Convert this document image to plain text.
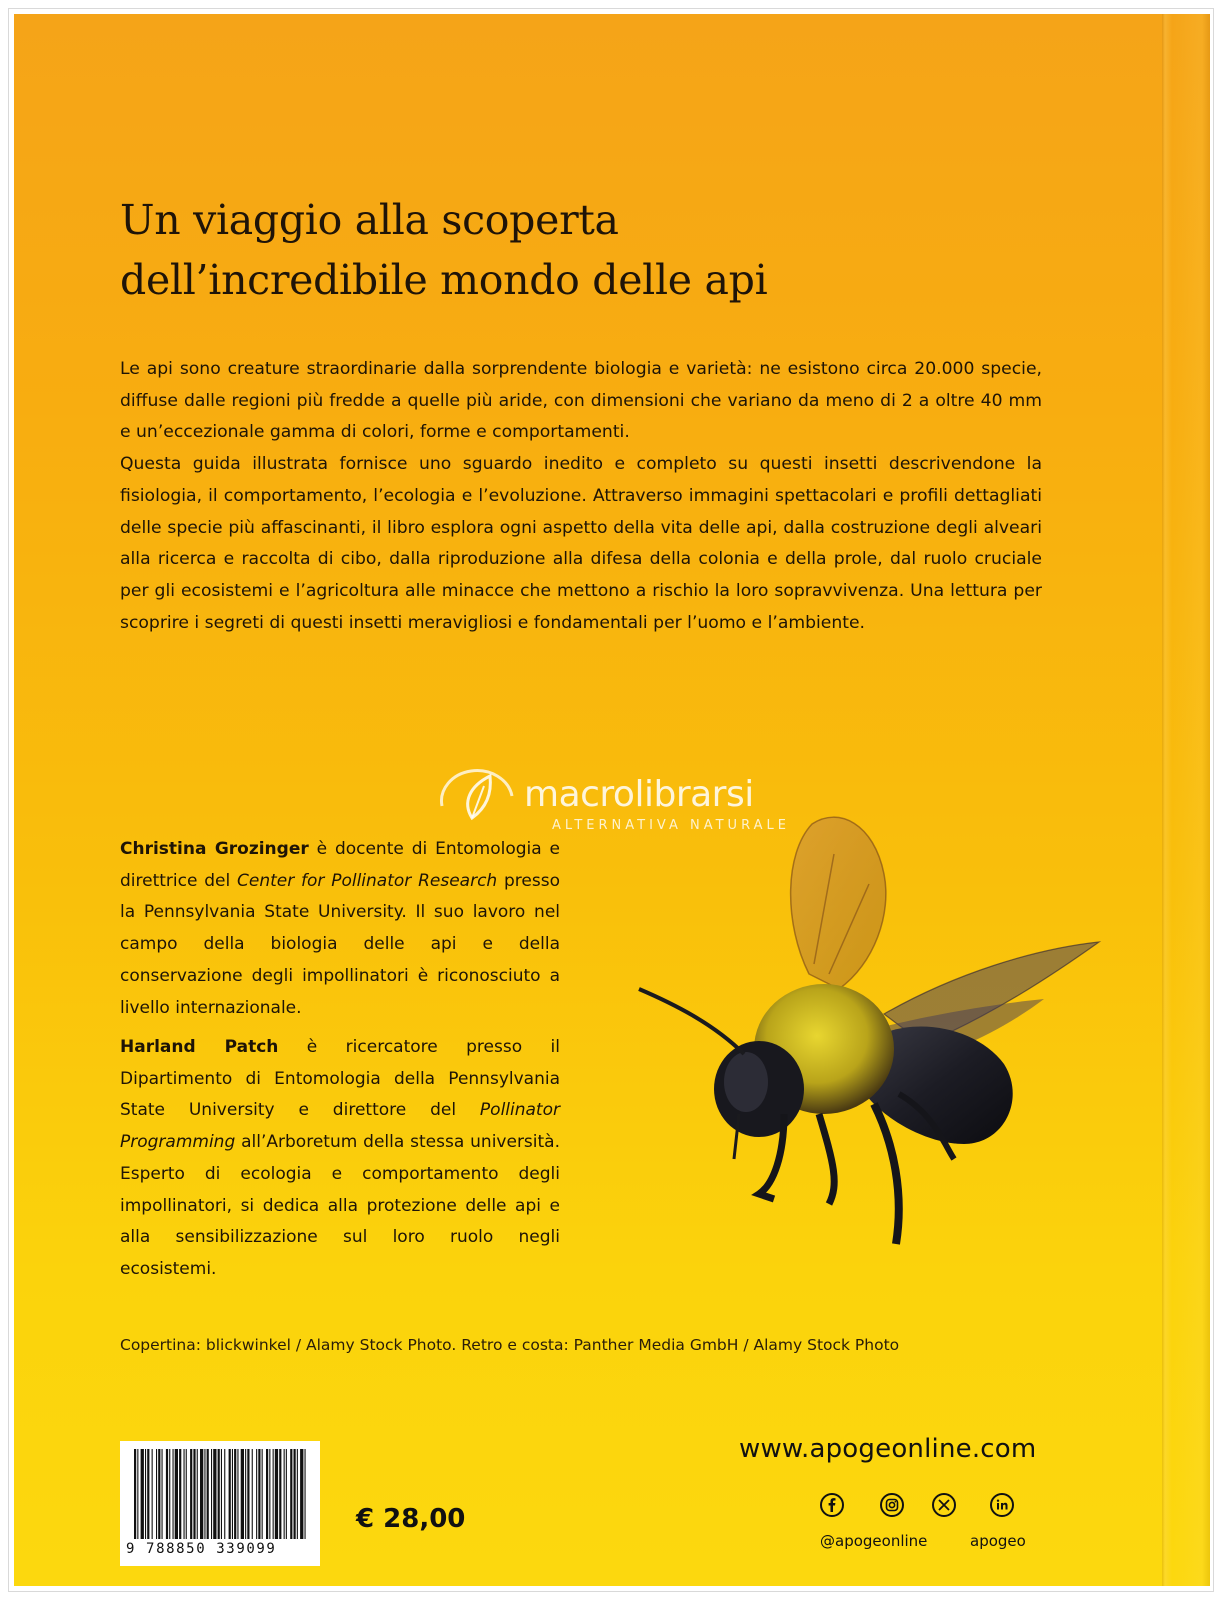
Un viaggio alla scoperta
dell’incredibile mondo delle api

Le api sono creature straordinarie dalla sorprendente biologia e varietà: ne esistono circa 20.000 specie, diffuse dalle regioni più fredde a quelle più aride, con dimensioni che variano da meno di 2 a oltre 40 mm e un’eccezionale gamma di colori, forme e comportamenti.

Questa guida illustrata fornisce uno sguardo inedito e completo su questi insetti descrivendone la fisiologia, il comportamento, l’ecologia e l’evoluzione. Attraverso immagini spettacolari e profili dettagliati delle specie più affascinanti, il libro esplora ogni aspetto della vita delle api, dalla costruzione degli alveari alla ricerca e raccolta di cibo, dalla riproduzione alla difesa della colonia e della prole, dal ruolo cruciale per gli ecosistemi e l’agricoltura alle minacce che mettono a rischio la loro sopravvivenza. Una lettura per scoprire i segreti di questi insetti meravigliosi e fondamentali per l’uomo e l’ambiente.

macrolibrarsi
ALTERNATIVA NATURALE

Christina Grozinger è docente di Entomologia e direttrice del Center for Pollinator Research presso la Pennsylvania State University. Il suo lavoro nel campo della biologia delle api e della conservazione degli impollinatori è riconosciuto a livello internazionale.

Harland Patch è ricercatore presso il Dipartimento di Entomologia della Pennsylvania State University e direttore del Pollinator Programming all’Arboretum della stessa università. Esperto di ecologia e comportamento degli impollinatori, si dedica alla protezione delle api e alla sensibilizzazione sul loro ruolo negli ecosistemi.

Copertina: blickwinkel / Alamy Stock Photo. Retro e costa: Panther Media GmbH / Alamy Stock Photo
9 788850 339099
€ 28,00
www.apogeonline.com
@apogeonline	apogeo
